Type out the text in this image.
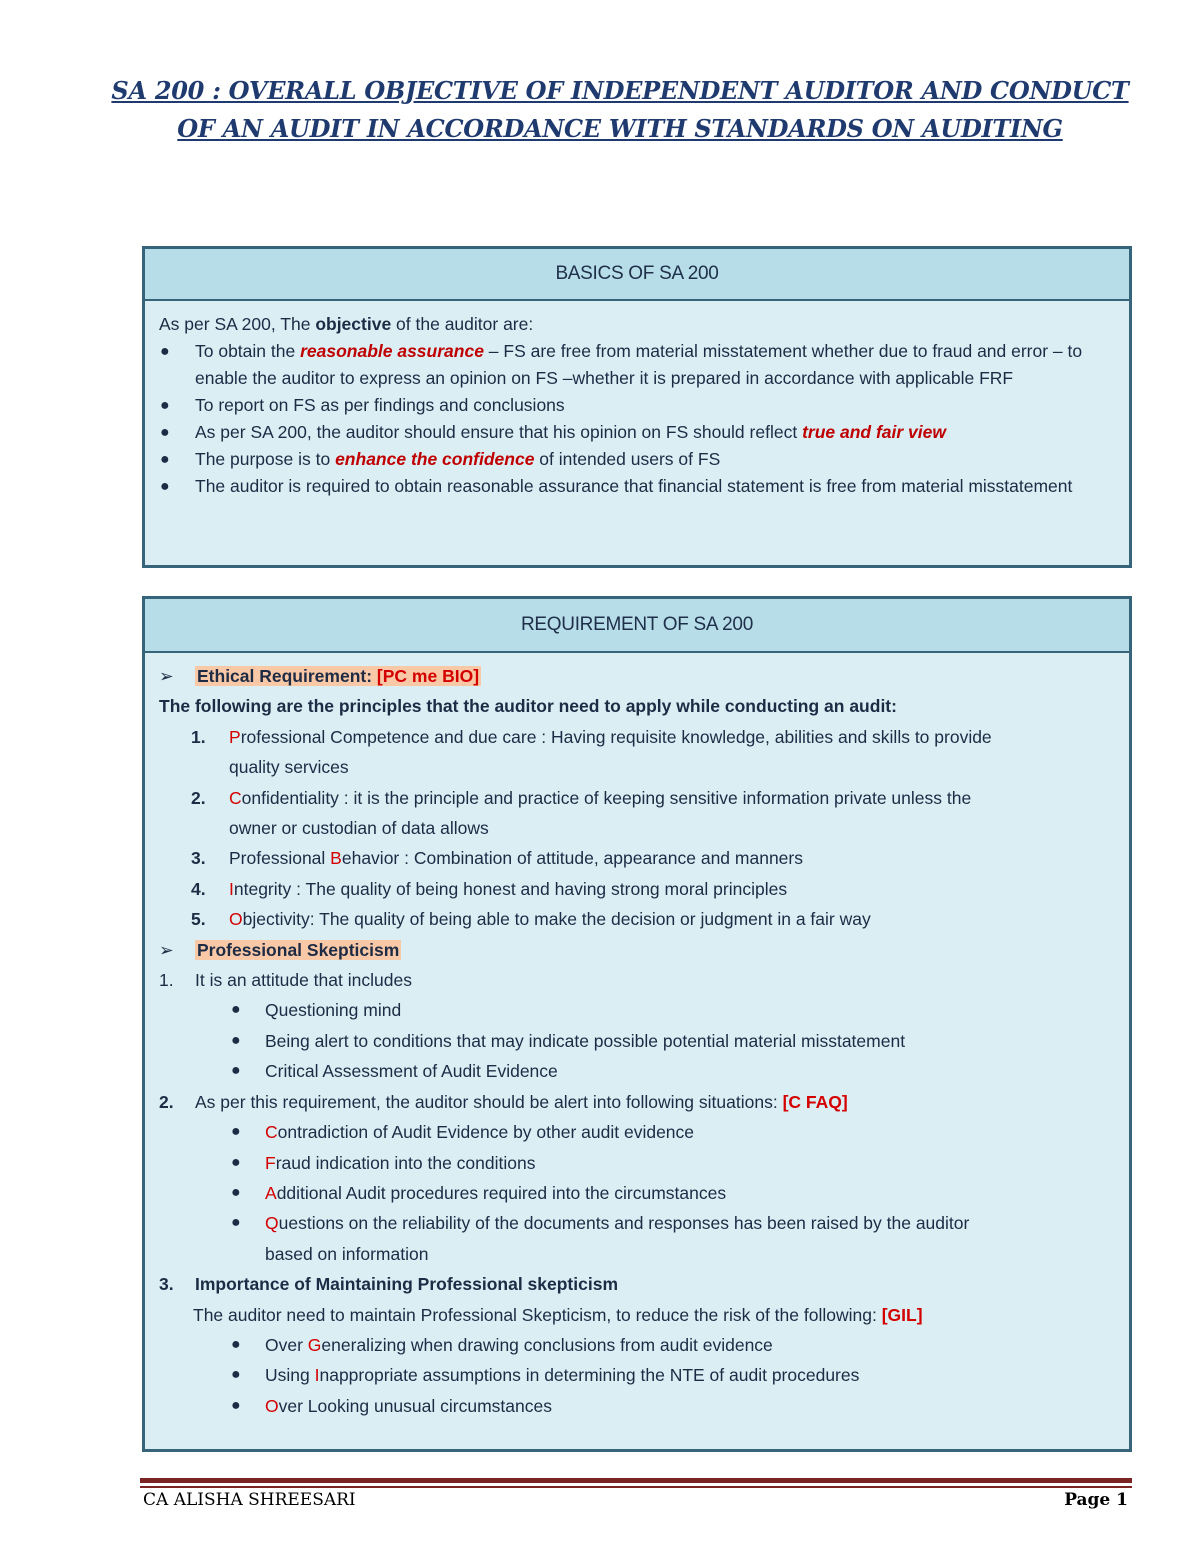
SA 200 : OVERALL OBJECTIVE OF INDEPENDENT AUDITOR AND CONDUCT
OF AN AUDIT IN ACCORDANCE WITH STANDARDS ON AUDITING
BASICS OF SA 200

As per SA 200, The objective of the auditor are:

● To obtain the reasonable assurance – FS are free from material misstatement whether due to fraud and error – to enable the auditor to express an opinion on FS –whether it is prepared in accordance with applicable FRF

● To report on FS as per findings and conclusions

● As per SA 200, the auditor should ensure that his opinion on FS should reflect true and fair view

● The purpose is to enhance the confidence of intended users of FS

● The auditor is required to obtain reasonable assurance that financial statement is free from material misstatement

REQUIREMENT OF SA 200
➢ Ethical Requirement: [PC me BIO]
The following are the principles that the auditor need to apply while conducting an audit:
1. Professional Competence and due care : Having requisite knowledge, abilities and skills to provide
quality services
2. Confidentiality : it is the principle and practice of keeping sensitive information private unless the
owner or custodian of data allows
3. Professional Behavior : Combination of attitude, appearance and manners
4. Integrity : The quality of being honest and having strong moral principles
5. Objectivity: The quality of being able to make the decision or judgment in a fair way
➢ Professional Skepticism
1. It is an attitude that includes
● Questioning mind
● Being alert to conditions that may indicate possible potential material misstatement
● Critical Assessment of Audit Evidence
2. As per this requirement, the auditor should be alert into following situations: [C FAQ]
● Contradiction of Audit Evidence by other audit evidence
● Fraud indication into the conditions
● Additional Audit procedures required into the circumstances
● Questions on the reliability of the documents and responses has been raised by the auditor
based on information
3. Importance of Maintaining Professional skepticism
The auditor need to maintain Professional Skepticism, to reduce the risk of the following: [GIL]
● Over Generalizing when drawing conclusions from audit evidence
● Using Inappropriate assumptions in determining the NTE of audit procedures
● Over Looking unusual circumstances
CA ALISHA SHREESARI	Page 1
